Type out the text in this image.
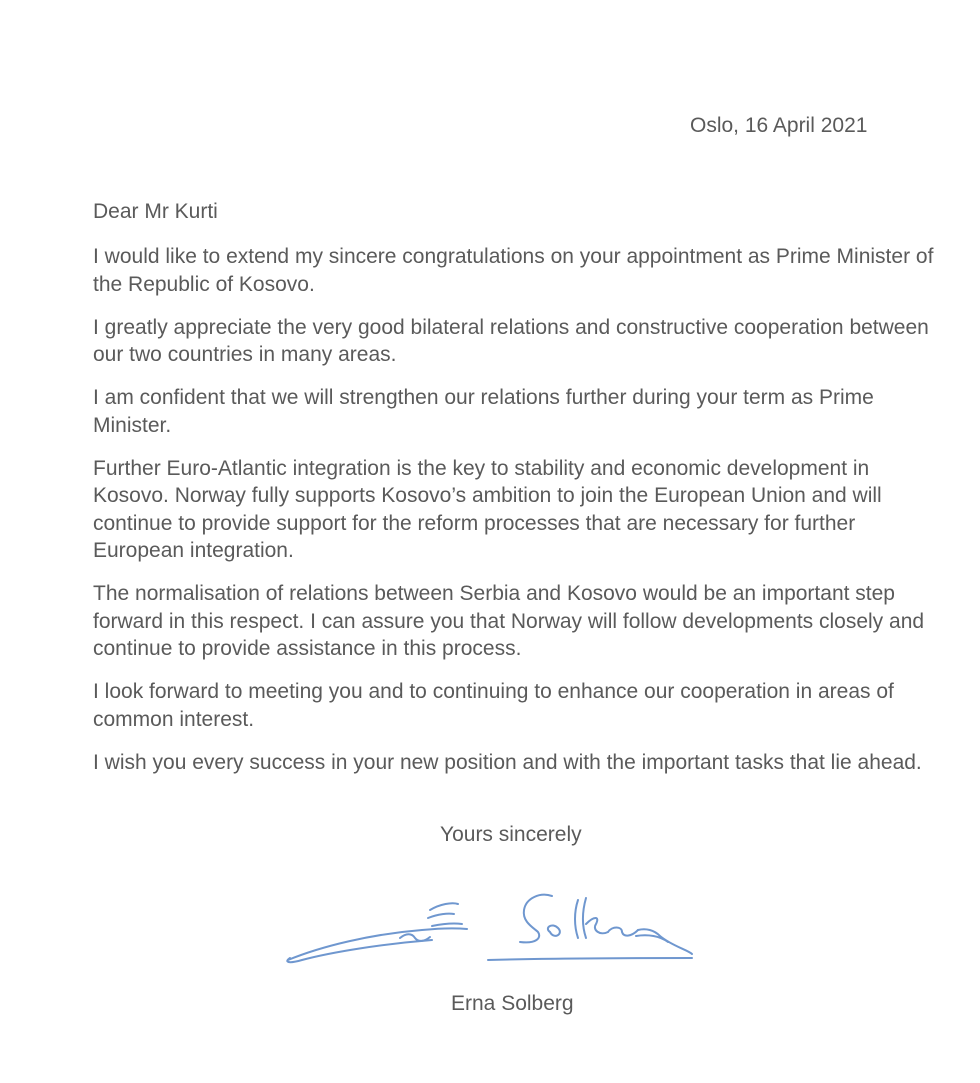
Oslo, 16 April 2021
Dear Mr Kurti

I would like to extend my sincere congratulations on your appointment as Prime Minister of the Republic of Kosovo.

I greatly appreciate the very good bilateral relations and constructive cooperation between our two countries in many areas.

I am confident that we will strengthen our relations further during your term as Prime Minister.

Further Euro-Atlantic integration is the key to stability and economic development in Kosovo. Norway fully supports Kosovo’s ambition to join the European Union and will continue to provide support for the reform processes that are necessary for further European integration.

The normalisation of relations between Serbia and Kosovo would be an important step forward in this respect. I can assure you that Norway will follow developments closely and continue to provide assistance in this process.

I look forward to meeting you and to continuing to enhance our cooperation in areas of common interest.

I wish you every success in your new position and with the important tasks that lie ahead.

Yours sincerely
Erna Solberg
